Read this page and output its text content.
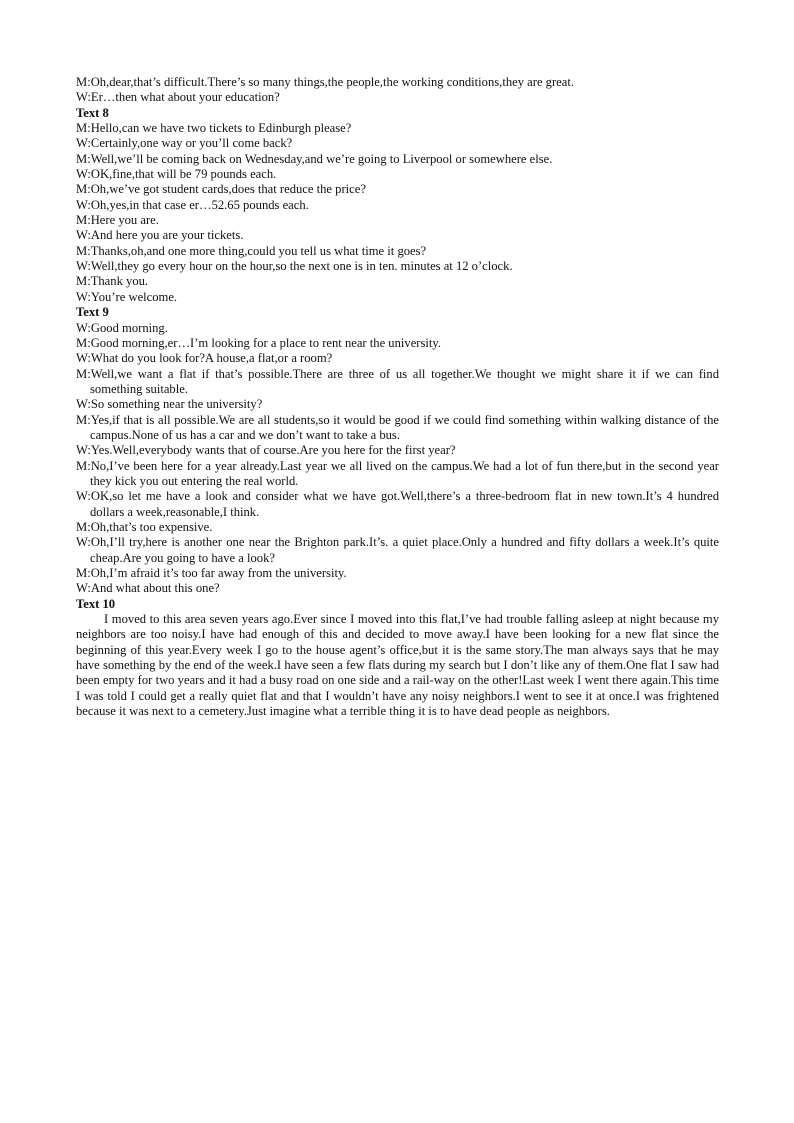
M:Oh,dear,that’s difficult.There’s so many things,the people,the working conditions,they are great.

W:Er…then what about your education?

Text 8

M:Hello,can we have two tickets to Edinburgh please?

W:Certainly,one way or you’ll come back?

M:Well,we’ll be coming back on Wednesday,and we’re going to Liverpool or somewhere else.

W:OK,fine,that will be 79 pounds each.

M:Oh,we’ve got student cards,does that reduce the price?

W:Oh,yes,in that case er…52.65 pounds each.

M:Here you are.

W:And here you are your tickets.

M:Thanks,oh,and one more thing,could you tell us what time it goes?

W:Well,they go every hour on the hour,so the next one is in ten. minutes at 12 o’clock.

M:Thank you.

W:You’re welcome.

Text 9

W:Good morning.

M:Good morning,er…I’m looking for a place to rent near the university.

W:What do you look for?A house,a flat,or a room?

M:Well,we want a flat if that’s possible.There are three of us all together.We thought we might share it if we can find something suitable.

W:So something near the university?

M:Yes,if that is all possible.We are all students,so it would be good if we could find something within walking distance of the campus.None of us has a car and we don’t want to take a bus.

W:Yes.Well,everybody wants that of course.Are you here for the first year?

M:No,I’ve been here for a year already.Last year we all lived on the campus.We had a lot of fun there,but in the second year they kick you out entering the real world.

W:OK,so let me have a look and consider what we have got.Well,there’s a three-bedroom flat in new town.It’s 4 hundred dollars a week,reasonable,I think.

M:Oh,that’s too expensive.

W:Oh,I’ll try,here is another one near the Brighton park.It’s. a quiet place.Only a hundred and fifty dollars a week.It’s quite cheap.Are you going to have a look?

M:Oh,I’m afraid it’s too far away from the university.

W:And what about this one?

Text 10

I moved to this area seven years ago.Ever since I moved into this flat,I’ve had trouble falling asleep at night because my neighbors are too noisy.I have had enough of this and decided to move away.I have been looking for a new flat since the beginning of this year.Every week I go to the house agent’s office,but it is the same story.The man always says that he may have something by the end of the week.I have seen a few flats during my search but I don’t like any of them.One flat I saw had been empty for two years and it had a busy road on one side and a rail-way on the other!Last week I went there again.This time I was told I could get a really quiet flat and that I wouldn’t have any noisy neighbors.I went to see it at once.I was frightened because it was next to a cemetery.Just imagine what a terrible thing it is to have dead people as neighbors.
